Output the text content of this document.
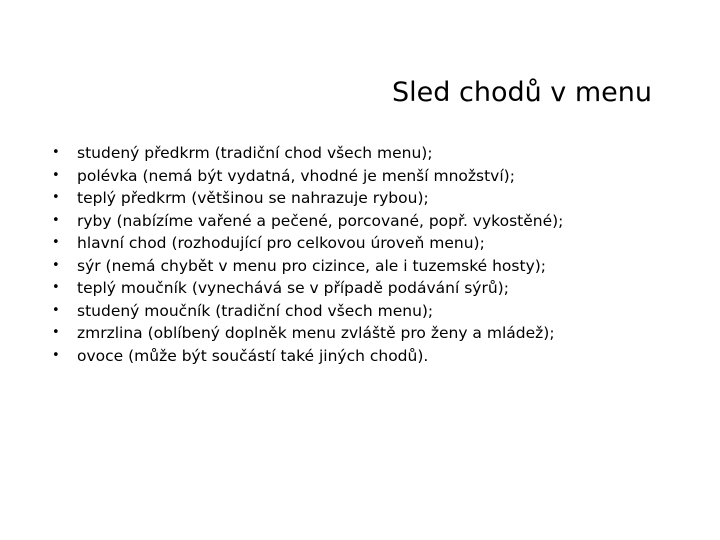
Sled chodů v menu
•	studený předkrm (tradiční chod všech menu);
•	polévka (nemá být vydatná, vhodné je menší množství);
•	teplý předkrm (většinou se nahrazuje rybou);
•	ryby (nabízíme vařené a pečené, porcované, popř. vykostěné);
•	hlavní chod (rozhodující pro celkovou úroveň menu);
•	sýr (nemá chybět v menu pro cizince, ale i tuzemské hosty);
•	teplý moučník (vynechává se v případě podávání sýrů);
•	studený moučník (tradiční chod všech menu);
•	zmrzlina (oblíbený doplněk menu zvláště pro ženy a mládež);
•	ovoce (může být součástí také jiných chodů).
